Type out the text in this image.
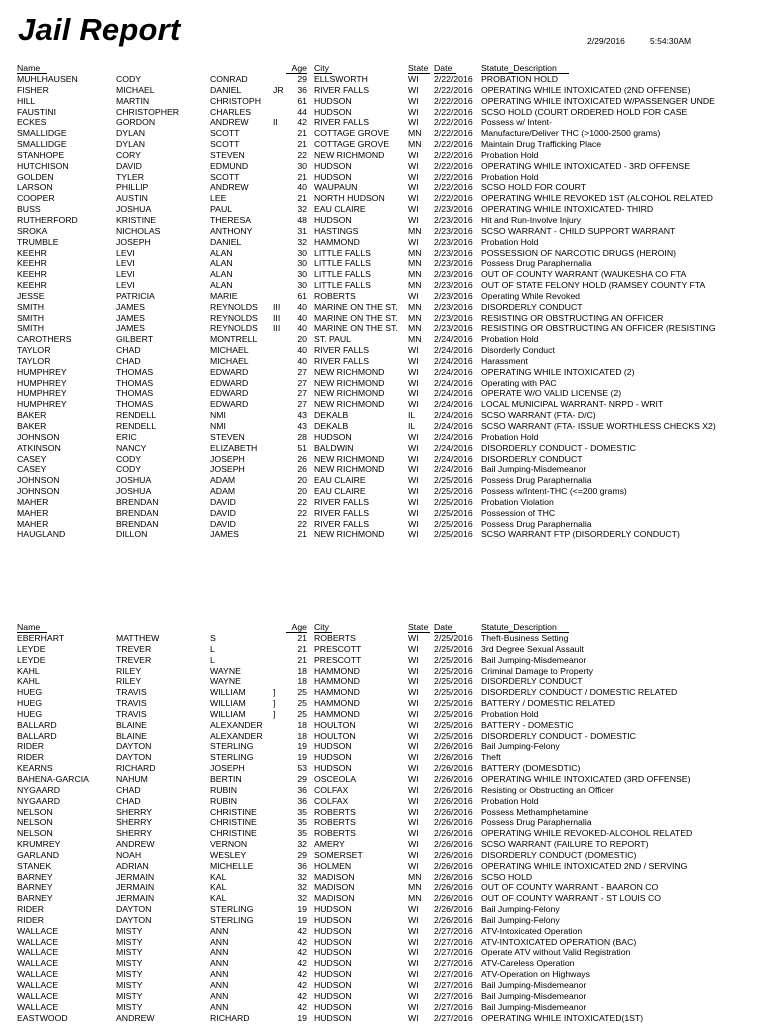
Jail Report	2/29/2016	5:54:30AM
Name	Age City	State Date	Statute_Description
MUHLHAUSEN	CODY	CONRAD	29 ELLSWORTH	WI	2/22/2016 PROBATION HOLD
FISHER	MICHAEL	DANIEL	JR	36 RIVER FALLS	WI	2/22/2016 OPERATING WHILE INTOXICATED (2ND OFFENSE)
HILL	MARTIN	CHRISTOPH	61 HUDSON	WI	2/22/2016 OPERATING WHILE INTOXICATED W/PASSENGER UNDE
FAUSTINI	CHRISTOPHER	CHARLES	44 HUDSON	WI	2/22/2016 SCSO HOLD (COURT ORDERED HOLD FOR CASE
ECKES	GORDON	ANDREW	II	42 RIVER FALLS	WI	2/22/2016 Possess w/ Intent-
SMALLIDGE	DYLAN	SCOTT	21 COTTAGE GROVE	MN	2/22/2016 Manufacture/Deliver THC (>1000-2500 grams)
SMALLIDGE	DYLAN	SCOTT	21 COTTAGE GROVE	MN	2/22/2016 Maintain Drug Trafficking Place
STANHOPE	CORY	STEVEN	22 NEW RICHMOND	WI	2/22/2016 Probation Hold
HUTCHISON	DAVID	EDMUND	30 HUDSON	WI	2/22/2016 OPERATING WHILE INTOXICATED - 3RD OFFENSE
GOLDEN	TYLER	SCOTT	21 HUDSON	WI	2/22/2016 Probation Hold
LARSON	PHILLIP	ANDREW	40 WAUPAUN	WI	2/22/2016 SCSO HOLD FOR COURT
COOPER	AUSTIN	LEE	21 NORTH HUDSON	WI	2/22/2016 OPERATING WHILE REVOKED 1ST (ALCOHOL RELATED
BUSS	JOSHUA	PAUL	32 EAU CLAIRE	WI	2/23/2016 OPERATING WHILE INTOXICATED- THIRD
RUTHERFORD	KRISTINE	THERESA	48 HUDSON	WI	2/23/2016 Hit and Run-Involve Injury
SROKA	NICHOLAS	ANTHONY	31 HASTINGS	MN	2/23/2016 SCSO WARRANT - CHILD SUPPORT WARRANT
TRUMBLE	JOSEPH	DANIEL	32 HAMMOND	WI	2/23/2016 Probation Hold
KEEHR	LEVI	ALAN	30 LITTLE FALLS	MN	2/23/2016 POSSESSION OF NARCOTIC DRUGS (HEROIN)
KEEHR	LEVI	ALAN	30 LITTLE FALLS	MN	2/23/2016 Possess Drug Paraphernalia
KEEHR	LEVI	ALAN	30 LITTLE FALLS	MN	2/23/2016 OUT OF COUNTY WARRANT (WAUKESHA CO FTA
KEEHR	LEVI	ALAN	30 LITTLE FALLS	MN	2/23/2016 OUT OF STATE FELONY HOLD (RAMSEY COUNTY FTA
JESSE	PATRICIA	MARIE	61 ROBERTS	WI	2/23/2016 Operating While Revoked
SMITH	JAMES	REYNOLDS	III	40 MARINE ON THE ST.	MN	2/23/2016 DISORDERLY CONDUCT
SMITH	JAMES	REYNOLDS	III	40 MARINE ON THE ST.	MN	2/23/2016 RESISTING OR OBSTRUCTING AN OFFICER
SMITH	JAMES	REYNOLDS	III	40 MARINE ON THE ST.	MN	2/23/2016 RESISTING OR OBSTRUCTING AN OFFICER (RESISTING
CAROTHERS	GILBERT	MONTRELL	20 ST. PAUL	MN	2/24/2016 Probation Hold
TAYLOR	CHAD	MICHAEL	40 RIVER FALLS	WI	2/24/2016 Disorderly Conduct
TAYLOR	CHAD	MICHAEL	40 RIVER FALLS	WI	2/24/2016 Harassment
HUMPHREY	THOMAS	EDWARD	27 NEW RICHMOND	WI	2/24/2016 OPERATING WHILE INTOXICATED (2)
HUMPHREY	THOMAS	EDWARD	27 NEW RICHMOND	WI	2/24/2016 Operating with PAC
HUMPHREY	THOMAS	EDWARD	27 NEW RICHMOND	WI	2/24/2016 OPERATE W/O VALID LICENSE (2)
HUMPHREY	THOMAS	EDWARD	27 NEW RICHMOND	WI	2/24/2016 LOCAL MUNICIPAL WARRANT- NRPD - WRIT
BAKER	RENDELL	NMI	43 DEKALB	IL	2/24/2016 SCSO WARRANT (FTA- D/C)
BAKER	RENDELL	NMI	43 DEKALB	IL	2/24/2016 SCSO WARRANT (FTA- ISSUE WORTHLESS CHECKS X2)
JOHNSON	ERIC	STEVEN	28 HUDSON	WI	2/24/2016 Probation Hold
ATKINSON	NANCY	ELIZABETH	51 BALDWIN	WI	2/24/2016 DISORDERLY CONDUCT - DOMESTIC
CASEY	CODY	JOSEPH	26 NEW RICHMOND	WI	2/24/2016 DISORDERLY CONDUCT
CASEY	CODY	JOSEPH	26 NEW RICHMOND	WI	2/24/2016 Bail Jumping-Misdemeanor
JOHNSON	JOSHUA	ADAM	20 EAU CLAIRE	WI	2/25/2016 Possess Drug Paraphernalia
JOHNSON	JOSHUA	ADAM	20 EAU CLAIRE	WI	2/25/2016 Possess w/Intent-THC (<=200 grams)
MAHER	BRENDAN	DAVID	22 RIVER FALLS	WI	2/25/2016 Probation Violation
MAHER	BRENDAN	DAVID	22 RIVER FALLS	WI	2/25/2016 Possession of THC
MAHER	BRENDAN	DAVID	22 RIVER FALLS	WI	2/25/2016 Possess Drug Paraphernalia
HAUGLAND	DILLON	JAMES	21 NEW RICHMOND	WI	2/25/2016 SCSO WARRANT FTP (DISORDERLY CONDUCT)
Name	Age City	State Date	Statute_Description
EBERHART	MATTHEW	S	21 ROBERTS	WI	2/25/2016 Theft-Business Setting
LEYDE	TREVER	L	21 PRESCOTT	WI	2/25/2016 3rd Degree Sexual Assault
LEYDE	TREVER	L	21 PRESCOTT	WI	2/25/2016 Bail Jumping-Misdemeanor
KAHL	RILEY	WAYNE	18 HAMMOND	WI	2/25/2016 Criminal Damage to Property
KAHL	RILEY	WAYNE	18 HAMMOND	WI	2/25/2016 DISORDERLY CONDUCT
HUEG	TRAVIS	WILLIAM	]	25 HAMMOND	WI	2/25/2016 DISORDERLY CONDUCT / DOMESTIC RELATED
HUEG	TRAVIS	WILLIAM	]	25 HAMMOND	WI	2/25/2016 BATTERY / DOMESTIC RELATED
HUEG	TRAVIS	WILLIAM	]	25 HAMMOND	WI	2/25/2016 Probation Hold
BALLARD	BLAINE	ALEXANDER	18 HOULTON	WI	2/25/2016 BATTERY - DOMESTIC
BALLARD	BLAINE	ALEXANDER	18 HOULTON	WI	2/25/2016 DISORDERLY CONDUCT - DOMESTIC
RIDER	DAYTON	STERLING	19 HUDSON	WI	2/26/2016 Bail Jumping-Felony
RIDER	DAYTON	STERLING	19 HUDSON	WI	2/26/2016 Theft
KEARNS	RICHARD	JOSEPH	53 HUDSON	WI	2/26/2016 BATTERY (DOMESDTIC)
BAHENA-GARCIA	NAHUM	BERTIN	29 OSCEOLA	WI	2/26/2016 OPERATING WHILE INTOXICATED (3RD OFFENSE)
NYGAARD	CHAD	RUBIN	36 COLFAX	WI	2/26/2016 Resisting or Obstructing an Officer
NYGAARD	CHAD	RUBIN	36 COLFAX	WI	2/26/2016 Probation Hold
NELSON	SHERRY	CHRISTINE	35 ROBERTS	WI	2/26/2016 Possess Methamphetamine
NELSON	SHERRY	CHRISTINE	35 ROBERTS	WI	2/26/2016 Possess Drug Paraphernalia
NELSON	SHERRY	CHRISTINE	35 ROBERTS	WI	2/26/2016 OPERATING WHILE REVOKED-ALCOHOL RELATED
KRUMREY	ANDREW	VERNON	32 AMERY	WI	2/26/2016 SCSO WARRANT (FAILURE TO REPORT)
GARLAND	NOAH	WESLEY	29 SOMERSET	WI	2/26/2016 DISORDERLY CONDUCT (DOMESTIC)
STANEK	ADRIAN	MICHELLE	36 HOLMEN	WI	2/26/2016 OPERATING WHILE INTOXICATED 2ND / SERVING
BARNEY	JERMAIN	KAL	32 MADISON	MN	2/26/2016 SCSO HOLD
BARNEY	JERMAIN	KAL	32 MADISON	MN	2/26/2016 OUT OF COUNTY WARRANT - BAARON CO
BARNEY	JERMAIN	KAL	32 MADISON	MN	2/26/2016 OUT OF COUNTY WARRANT - ST LOUIS CO
RIDER	DAYTON	STERLING	19 HUDSON	WI	2/26/2016 Bail Jumping-Felony
RIDER	DAYTON	STERLING	19 HUDSON	WI	2/26/2016 Bail Jumping-Felony
WALLACE	MISTY	ANN	42 HUDSON	WI	2/27/2016 ATV-Intoxicated Operation
WALLACE	MISTY	ANN	42 HUDSON	WI	2/27/2016 ATV-INTOXICATED OPERATION (BAC)
WALLACE	MISTY	ANN	42 HUDSON	WI	2/27/2016 Operate ATV without Valid Registration
WALLACE	MISTY	ANN	42 HUDSON	WI	2/27/2016 ATV-Careless Operation
WALLACE	MISTY	ANN	42 HUDSON	WI	2/27/2016 ATV-Operation on Highways
WALLACE	MISTY	ANN	42 HUDSON	WI	2/27/2016 Bail Jumping-Misdemeanor
WALLACE	MISTY	ANN	42 HUDSON	WI	2/27/2016 Bail Jumping-Misdemeanor
WALLACE	MISTY	ANN	42 HUDSON	WI	2/27/2016 Bail Jumping-Misdemeanor
EASTWOOD	ANDREW	RICHARD	19 HUDSON	WI	2/27/2016 OPERATING WHILE INTOXICATED(1ST)
